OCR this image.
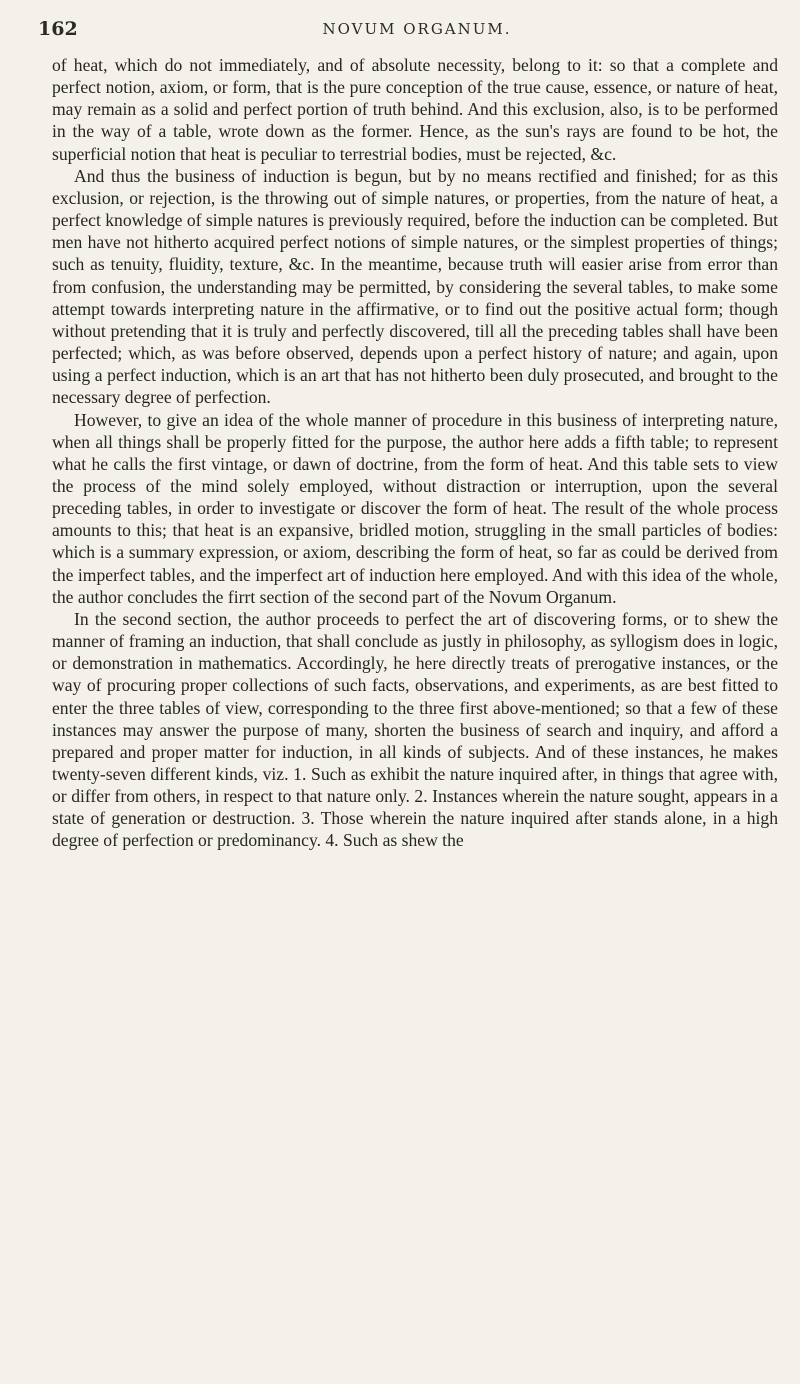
162	NOVUM ORGANUM.

of heat, which do not immediately, and of absolute necessity, belong to it: so that a complete and perfect notion, axiom, or form, that is the pure conception of the true cause, essence, or nature of heat, may remain as a solid and perfect portion of truth behind. And this exclusion, also, is to be performed in the way of a table, wrote down as the former. Hence, as the sun's rays are found to be hot, the superficial notion that heat is peculiar to terrestrial bodies, must be rejected, &c.

And thus the business of induction is begun, but by no means rectified and finished; for as this exclusion, or rejection, is the throwing out of simple natures, or properties, from the nature of heat, a perfect knowledge of simple natures is previously required, before the induction can be completed. But men have not hitherto acquired perfect notions of simple natures, or the simplest properties of things; such as tenuity, fluidity, texture, &c. In the meantime, because truth will easier arise from error than from confusion, the understanding may be permitted, by considering the several tables, to make some attempt towards interpreting nature in the affirmative, or to find out the positive actual form; though without pretending that it is truly and perfectly discovered, till all the preceding tables shall have been perfected; which, as was before observed, depends upon a perfect history of nature; and again, upon using a perfect induction, which is an art that has not hitherto been duly prosecuted, and brought to the necessary degree of perfection.

However, to give an idea of the whole manner of procedure in this business of interpreting nature, when all things shall be properly fitted for the purpose, the author here adds a fifth table; to represent what he calls the first vintage, or dawn of doctrine, from the form of heat. And this table sets to view the process of the mind solely employed, without distraction or interruption, upon the several preceding tables, in order to investigate or discover the form of heat. The result of the whole process amounts to this; that heat is an expansive, bridled motion, struggling in the small particles of bodies: which is a summary expression, or axiom, describing the form of heat, so far as could be derived from the imperfect tables, and the imperfect art of induction here employed. And with this idea of the whole, the author concludes the firrt section of the second part of the Novum Organum.

In the second section, the author proceeds to perfect the art of discovering forms, or to shew the manner of framing an induction, that shall conclude as justly in philosophy, as syllogism does in logic, or demonstration in mathematics. Accordingly, he here directly treats of prerogative instances, or the way of procuring proper collections of such facts, observations, and experiments, as are best fitted to enter the three tables of view, corresponding to the three first above-mentioned; so that a few of these instances may answer the purpose of many, shorten the business of search and inquiry, and afford a prepared and proper matter for induction, in all kinds of subjects. And of these instances, he makes twenty-seven different kinds, viz. 1. Such as exhibit the nature inquired after, in things that agree with, or differ from others, in respect to that nature only. 2. Instances wherein the nature sought, appears in a state of generation or destruction. 3. Those wherein the nature inquired after stands alone, in a high degree of perfection or predominancy. 4. Such as shew the
